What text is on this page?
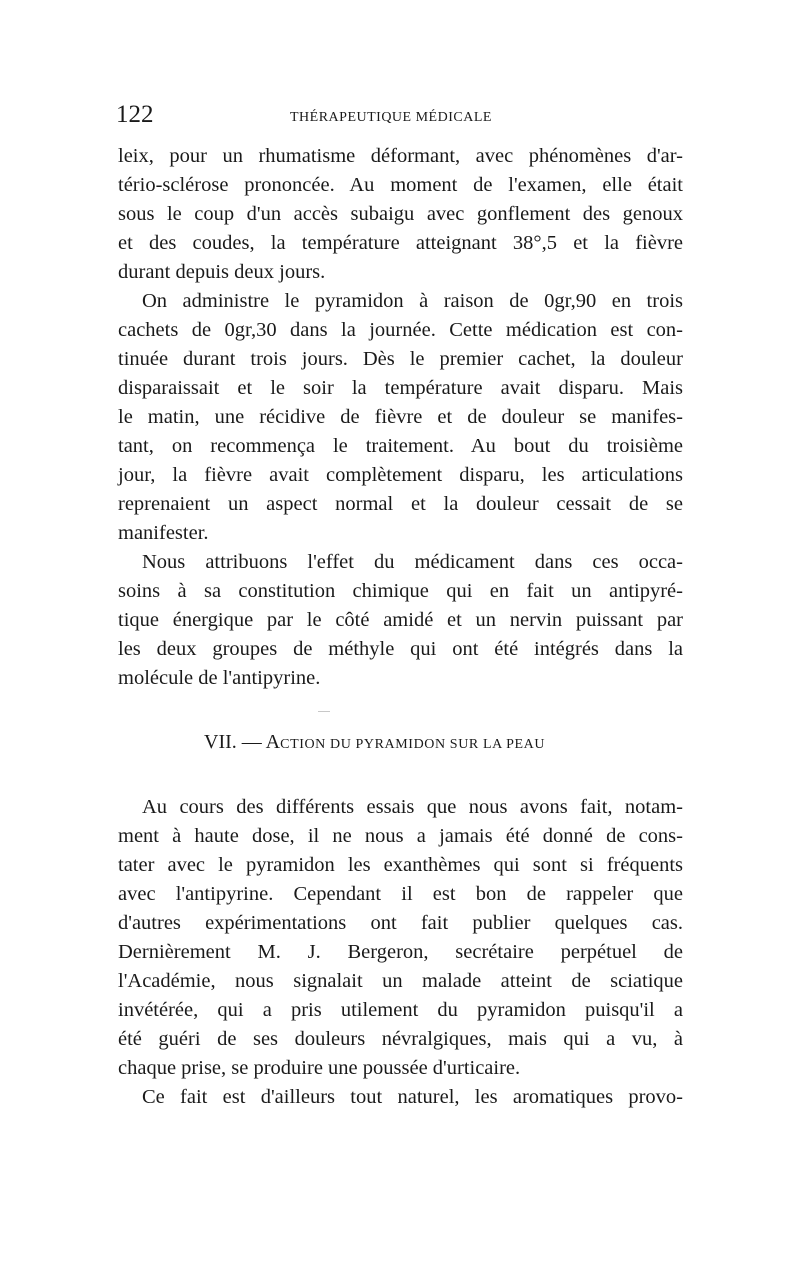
122	THÉRAPEUTIQUE MÉDICALE
leix, pour un rhumatisme déformant, avec phénomènes d'ar-
tério-sclérose prononcée. Au moment de l'examen, elle était
sous le coup d'un accès subaigu avec gonflement des genoux
et des coudes, la température atteignant 38°,5 et la fièvre
durant depuis deux jours.
On administre le pyramidon à raison de 0gr,90 en trois
cachets de 0gr,30 dans la journée. Cette médication est con-
tinuée durant trois jours. Dès le premier cachet, la douleur
disparaissait et le soir la température avait disparu. Mais
le matin, une récidive de fièvre et de douleur se manifes-
tant, on recommença le traitement. Au bout du troisième
jour, la fièvre avait complètement disparu, les articulations
reprenaient un aspect normal et la douleur cessait de se
manifester.
Nous attribuons l'effet du médicament dans ces occa-
soins à sa constitution chimique qui en fait un antipyré-
tique énergique par le côté amidé et un nervin puissant par
les deux groupes de méthyle qui ont été intégrés dans la
molécule de l'antipyrine.
VII. — ACTION DU PYRAMIDON SUR LA PEAU
Au cours des différents essais que nous avons fait, notam-
ment à haute dose, il ne nous a jamais été donné de cons-
tater avec le pyramidon les exanthèmes qui sont si fréquents
avec l'antipyrine. Cependant il est bon de rappeler que
d'autres expérimentations ont fait publier quelques cas.
Dernièrement M. J. Bergeron, secrétaire perpétuel de
l'Académie, nous signalait un malade atteint de sciatique
invétérée, qui a pris utilement du pyramidon puisqu'il a
été guéri de ses douleurs névralgiques, mais qui a vu, à
chaque prise, se produire une poussée d'urticaire.
Ce fait est d'ailleurs tout naturel, les aromatiques provo-
